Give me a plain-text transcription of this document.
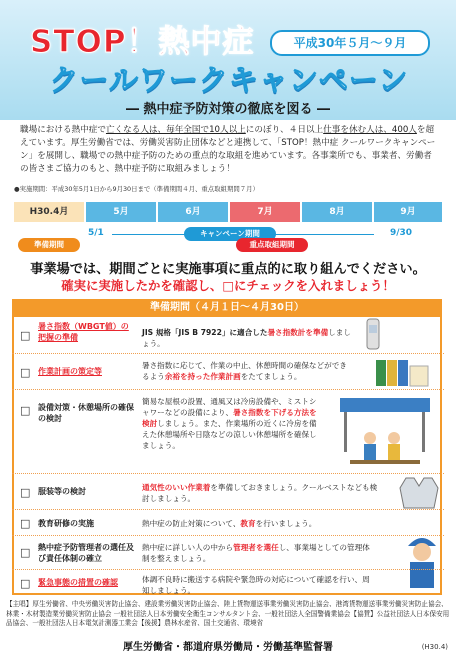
STOP！熱中症	平成30年５月～９月
クールワークキャンペーン
― 熱中症予防対策の徹底を図る ―
職場における熱中症で亡くなる人は、毎年全国で10人以上にのぼり、４日以上仕事を休む人は、400人を超えています。厚生労働省では、労働災害防止団体などと連携して、「STOP！熱中症 クールワークキャンペーン」を展開し、職場での熱中症予防のための重点的な取組を進めています。各事業所でも、事業者、労働者の皆さまご協力のもと、熱中症予防に取組みましょう！
●実施期間：平成30年5月1日から9月30日まで（準備期間４月、重点取組期間７月）
H30.4月	5月	6月	7月	8月	9月
5/1	キャンペーン期間	9/30
準備期間	重点取組期間
事業場では、期間ごとに実施事項に重点的に取り組んでください。
確実に実施したかを確認し、□にチェックを入れましょう！
準備期間（４月１日～４月30日）
□
暑さ指数（WBGT値）の把握の準備
JIS 規格「JIS B 7922」に適合した暑さ指数計を準備しましょう。
□ 作業計画の策定等
暑さ指数に応じて、作業の中止、休憩時間の確保などができるよう余裕を持った作業計画をたてましょう。
□ 設備対策・休憩場所の確保の検討
簡易な屋根の設置、通風又は冷房設備や、ミストシャワーなどの設備により、暑さ指数を下げる方法を検討しましょう。また、作業場所の近くに冷房を備えた休憩場所や日陰などの涼しい休憩場所を確保しましょう。
□ 服装等の検討	通気性のいい作業着を準備しておきましょう。クールベストなども検討しましょう。
□ 教育研修の実施	熱中症の防止対策について、教育を行いましょう。
□ 熱中症予防管理者の選任及び責任体制の確立
熱中症に詳しい人の中から管理者を選任し、事業場としての管理体制を整えましょう。
□ 緊急事態の措置の確認	体調不良時に搬送する病院や緊急時の対応について確認を行い、周知しましょう。
【主唱】厚生労働省、中央労働災害防止協会、建設業労働災害防止協会、陸上貨物運送事業労働災害防止協会、港湾貨物運送事業労働災害防止協会、林業・木材製造業労働災害防止協会 一般社団法人日本労働安全衛生コンサルタント会、一般社団法人全国警備業協会【協賛】公益社団法人日本保安用品協会、一般社団法人日本電気計測器工業会【後援】農林水産省、国土交通省、環境省
厚生労働省・都道府県労働局・労働基準監督署	(H30.4)
